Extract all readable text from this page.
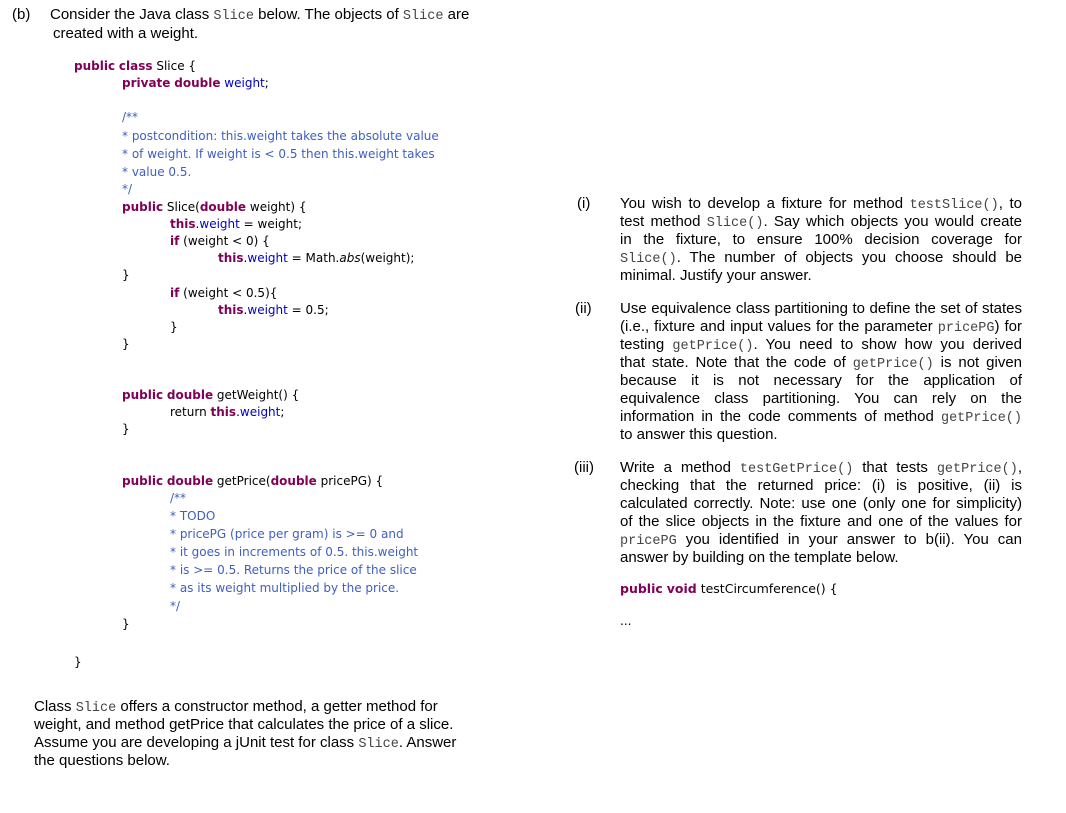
(b) Consider the Java class Slice below. The objects of Slice are
created with a weight.
public class Slice {
private double weight;
/**
* postcondition: this.weight takes the absolute value
* of weight. If weight is < 0.5 then this.weight takes
* value 0.5.
*/
public Slice(double weight) {
this.weight = weight;
if (weight < 0) {
this.weight = Math.abs(weight);
}
if (weight < 0.5){
this.weight = 0.5;
}
}
public double getWeight() {
return this.weight;
}
public double getPrice(double pricePG) {
/**
* TODO
* pricePG (price per gram) is >= 0 and
* it goes in increments of 0.5. this.weight
* is >= 0.5. Returns the price of the slice
* as its weight multiplied by the price.
*/
}
}
Class Slice offers a constructor method, a getter method for
weight, and method getPrice that calculates the price of a slice.
Assume you are developing a jUnit test for class Slice. Answer
the questions below.
(i) You wish to develop a fixture for method testSlice(), to
test method Slice(). Say which objects you would create
in the fixture, to ensure 100% decision coverage for
Slice(). The number of objects you choose should be
minimal. Justify your answer.
(ii) Use equivalence class partitioning to define the set of states
(i.e., fixture and input values for the parameter pricePG) for
testing getPrice(). You need to show how you derived
that state. Note that the code of getPrice() is not given
because it is not necessary for the application of
equivalence class partitioning. You can rely on the
information in the code comments of method getPrice()
to answer this question.
(iii) Write a method testGetPrice() that tests getPrice(),
checking that the returned price: (i) is positive, (ii) is
calculated correctly. Note: use one (only one for simplicity)
of the slice objects in the fixture and one of the values for
pricePG you identified in your answer to b(ii). You can
answer by building on the template below.
public void testCircumference() {
...
